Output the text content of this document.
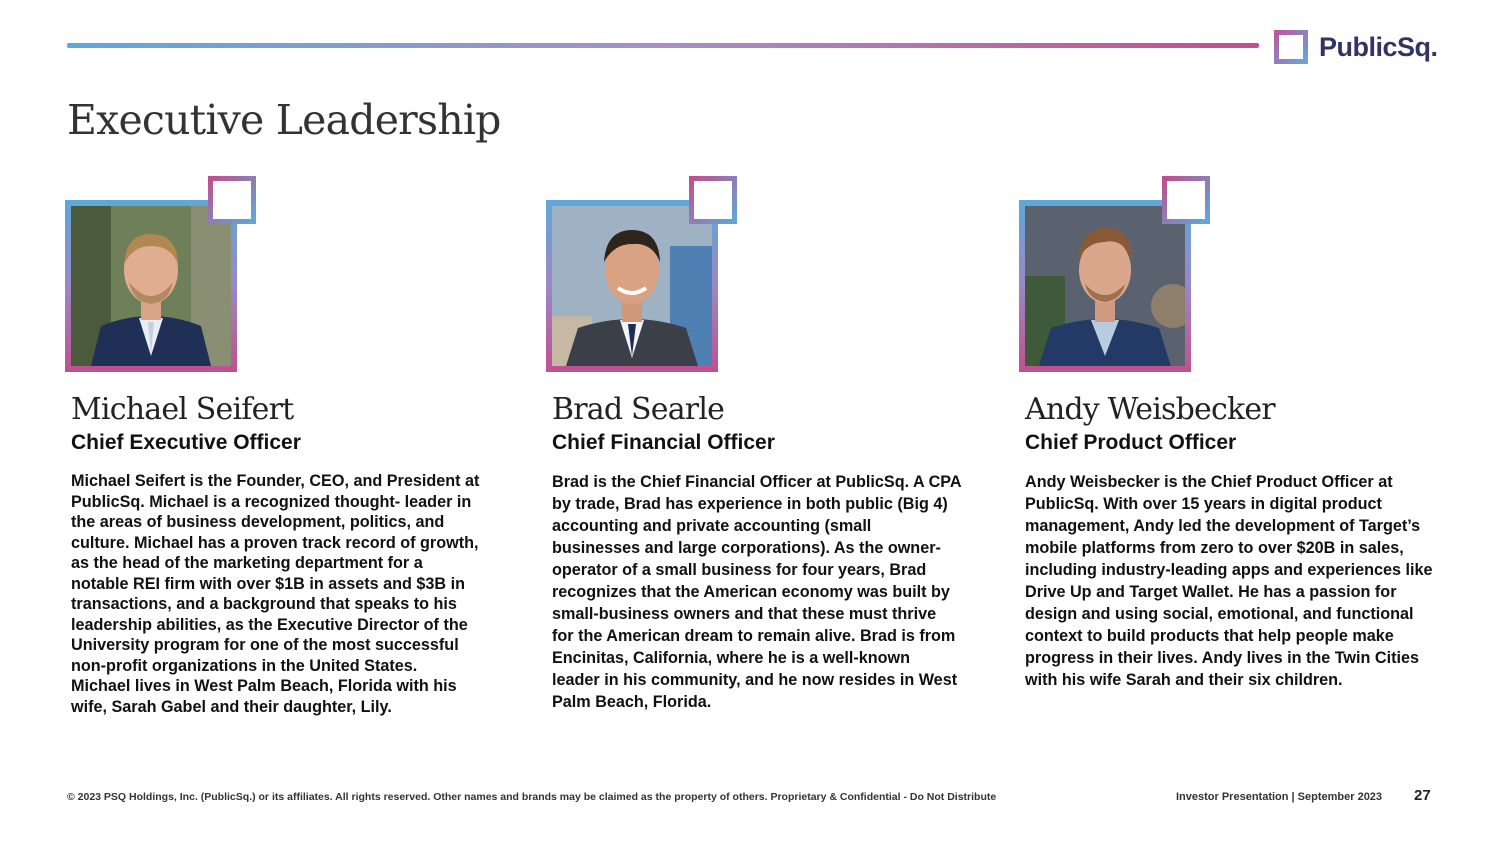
PublicSq.
Executive Leadership
Michael Seifert
Chief Executive Officer
Michael Seifert is the Founder, CEO, and President at PublicSq. Michael is a recognized thought- leader in the areas of business development, politics, and culture. Michael has a proven track record of growth, as the head of the marketing department for a notable REI firm with over $1B in assets and $3B in transactions, and a background that speaks to his leadership abilities, as the Executive Director of the University program for one of the most successful non-profit organizations in the United States. Michael lives in West Palm Beach, Florida with his wife, Sarah Gabel and their daughter, Lily.
Brad Searle
Chief Financial Officer
Brad is the Chief Financial Officer at PublicSq. A CPA by trade, Brad has experience in both public (Big 4) accounting and private accounting (small businesses and large corporations). As the owner- operator of a small business for four years, Brad recognizes that the American economy was built by small-business owners and that these must thrive for the American dream to remain alive. Brad is from Encinitas, California, where he is a well-known leader in his community, and he now resides in West Palm Beach, Florida.
Andy Weisbecker
Chief Product Officer
Andy Weisbecker is the Chief Product Officer at PublicSq. With over 15 years in digital product management, Andy led the development of Target’s mobile platforms from zero to over $20B in sales, including industry-leading apps and experiences like Drive Up and Target Wallet. He has a passion for design and using social, emotional, and functional context to build products that help people make progress in their lives. Andy lives in the Twin Cities with his wife Sarah and their six children.
© 2023 PSQ Holdings, Inc. (PublicSq.) or its affiliates. All rights reserved. Other names and brands may be claimed as the property of others. Proprietary & Confidential - Do Not Distribute	Investor Presentation | September 2023 27
